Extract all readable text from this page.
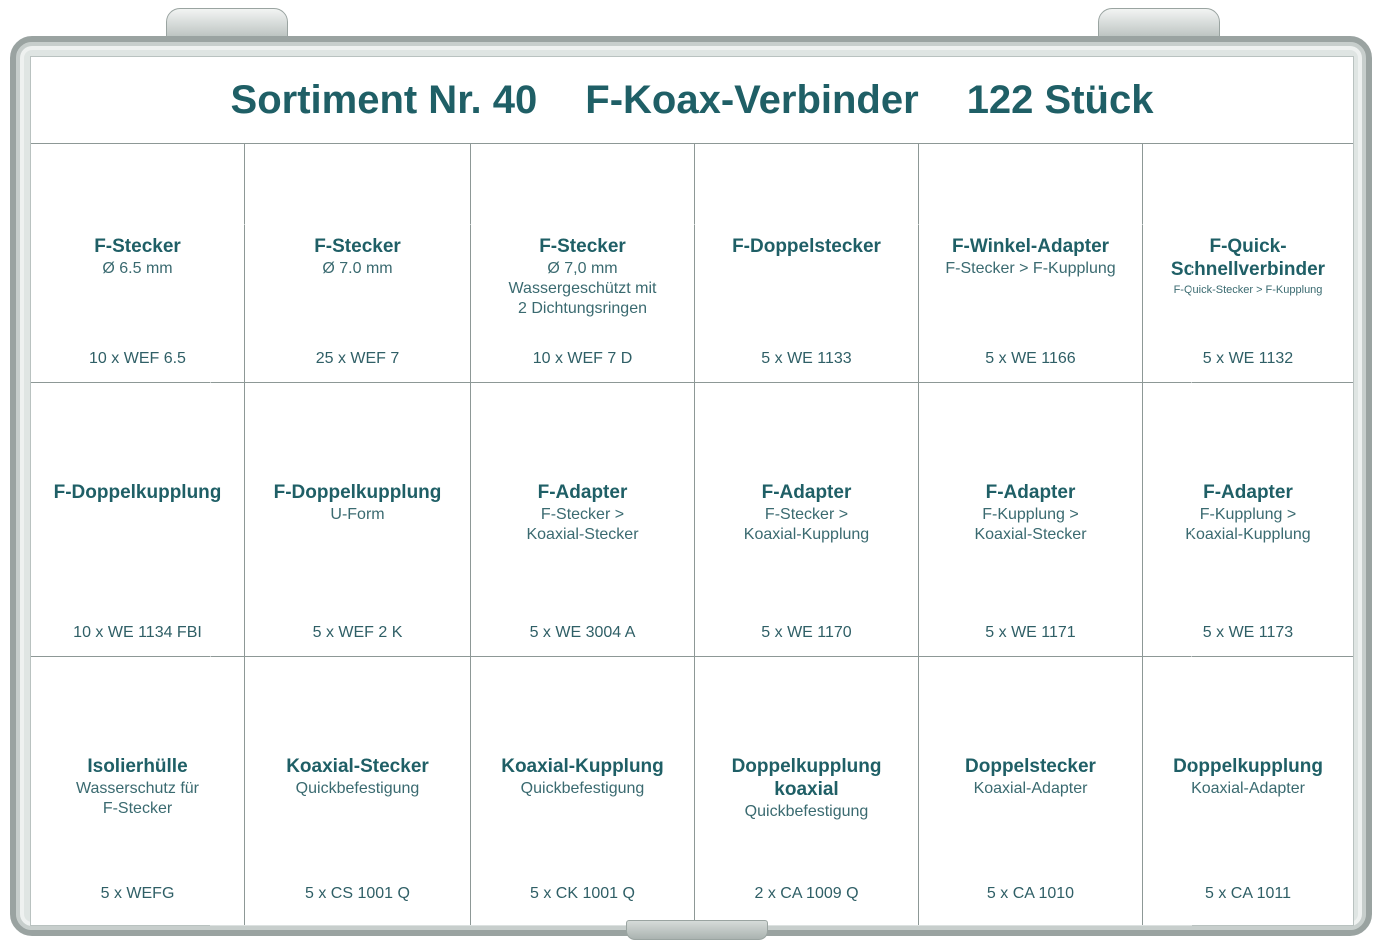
Sortiment Nr. 40 F-Koax-Verbinder 122 Stück
F-Stecker
Ø 6.5 mm
10 x WEF 6.5
F-Stecker
Ø 7.0 mm
25 x WEF 7
F-Stecker
Ø 7,0 mm
Wassergeschützt mit
2 Dichtungsringen
10 x WEF 7 D
F-Doppelstecker
5 x WE 1133
F-Winkel-Adapter
F-Stecker > F-Kupplung
5 x WE 1166
F-Quick-
Schnellverbinder
F-Quick-Stecker > F-Kupplung
5 x WE 1132
F-Doppelkupplung
10 x WE 1134 FBI
F-Doppelkupplung
U-Form
5 x WEF 2 K
F-Adapter
F-Stecker >
Koaxial-Stecker
5 x WE 3004 A
F-Adapter
F-Stecker >
Koaxial-Kupplung
5 x WE 1170
F-Adapter
F-Kupplung >
Koaxial-Stecker
5 x WE 1171
F-Adapter
F-Kupplung >
Koaxial-Kupplung
5 x WE 1173
Isolierhülle
Wasserschutz für
F-Stecker
5 x WEFG
Koaxial-Stecker
Quickbefestigung
5 x CS 1001 Q
Koaxial-Kupplung
Quickbefestigung
5 x CK 1001 Q
Doppelkupplung
koaxial
Quickbefestigung
2 x CA 1009 Q
Doppelstecker
Koaxial-Adapter
5 x CA 1010
Doppelkupplung
Koaxial-Adapter
5 x CA 1011
